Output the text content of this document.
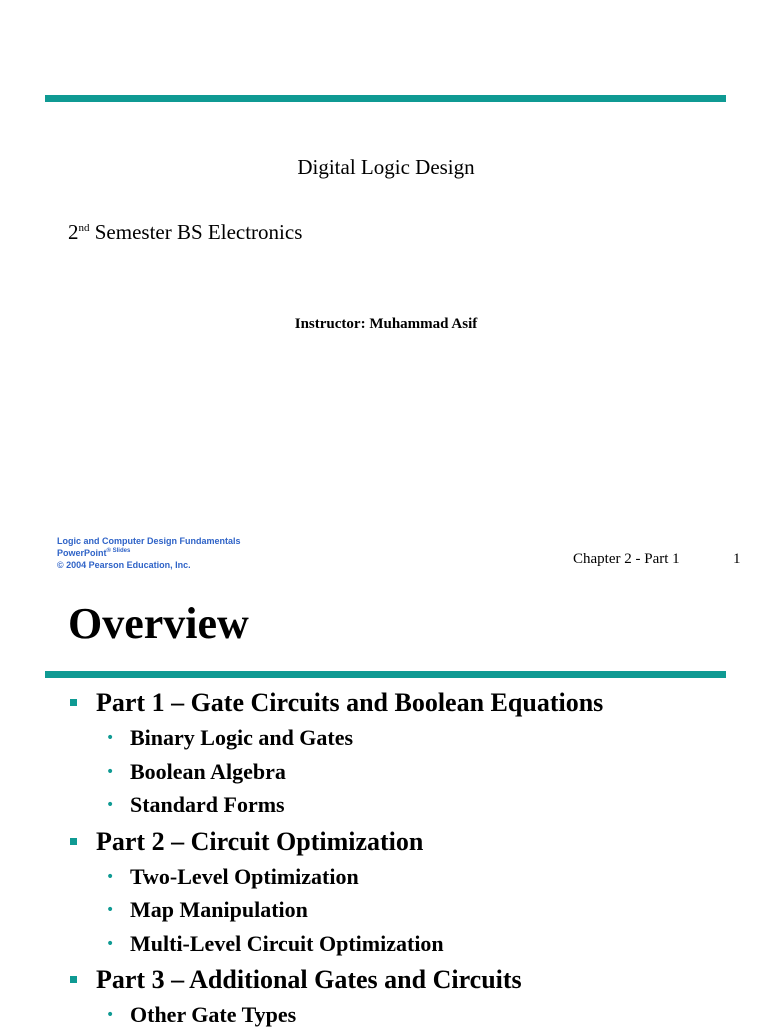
Digital Logic Design
2nd Semester BS Electronics
Instructor: Muhammad Asif
Logic and Computer Design Fundamentals
PowerPoint$^{® Slides}$
© 2004 Pearson Education, Inc.	Chapter 2 - Part 1	1
Overview
Part 1 – Gate Circuits and Boolean Equations
• Binary Logic and Gates
• Boolean Algebra
• Standard Forms
Part 2 – Circuit Optimization
• Two-Level Optimization
• Map Manipulation
• Multi-Level Circuit Optimization
Part 3 – Additional Gates and Circuits
• Other Gate Types
